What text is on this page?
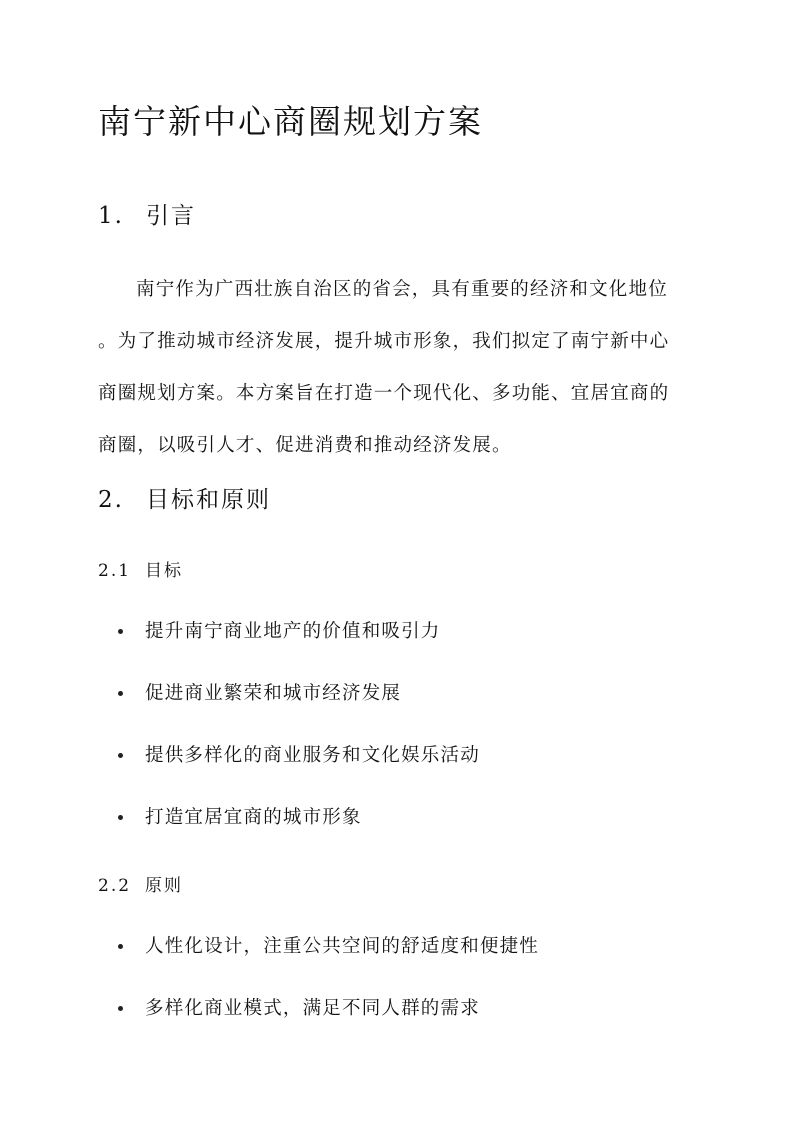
南宁新中心商圈规划方案
1. 引言

南宁作为广西壮族自治区的省会，具有重要的经济和文化地位
。为了推动城市经济发展，提升城市形象，我们拟定了南宁新中心
商圈规划方案。本方案旨在打造一个现代化、多功能、宜居宜商的
商圈，以吸引人才、促进消费和推动经济发展。

2. 目标和原则
2.1 目标
提升南宁商业地产的价值和吸引力
促进商业繁荣和城市经济发展
提供多样化的商业服务和文化娱乐活动
打造宜居宜商的城市形象
2.2 原则
人性化设计，注重公共空间的舒适度和便捷性
多样化商业模式，满足不同人群的需求
